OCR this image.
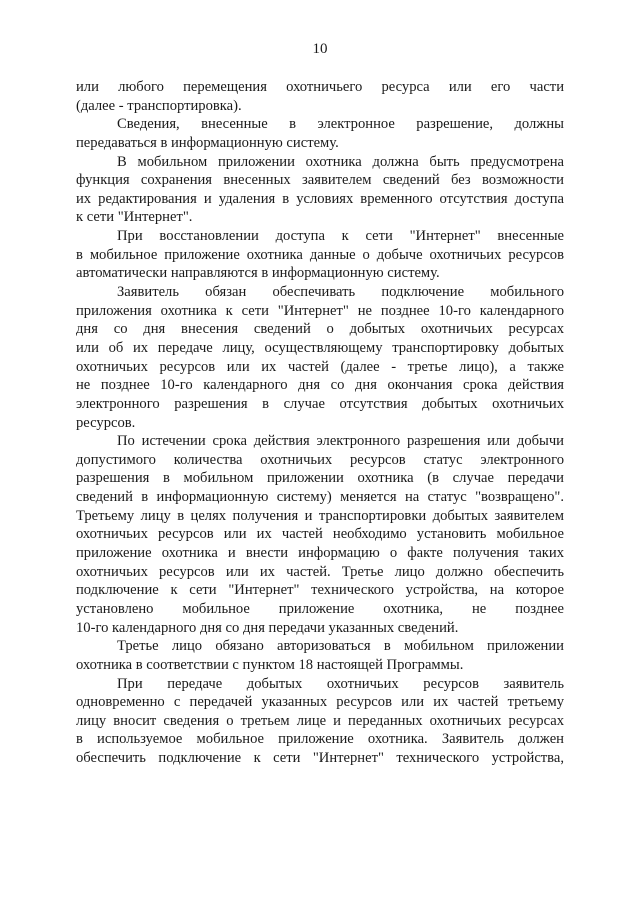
10
или любого перемещения охотничьего ресурса или его части
(далее - транспортировка).
Сведения, внесенные в электронное разрешение, должны
передаваться в информационную систему.
В мобильном приложении охотника должна быть предусмотрена
функция сохранения внесенных заявителем сведений без возможности
их редактирования и удаления в условиях временного отсутствия доступа
к сети "Интернет".
При восстановлении доступа к сети "Интернет" внесенные
в мобильное приложение охотника данные о добыче охотничьих ресурсов
автоматически направляются в информационную систему.
Заявитель обязан обеспечивать подключение мобильного
приложения охотника к сети "Интернет" не позднее 10-го календарного
дня со дня внесения сведений о добытых охотничьих ресурсах
или об их передаче лицу, осуществляющему транспортировку добытых
охотничьих ресурсов или их частей (далее - третье лицо), а также
не позднее 10-го календарного дня со дня окончания срока действия
электронного разрешения в случае отсутствия добытых охотничьих
ресурсов.
По истечении срока действия электронного разрешения или добычи
допустимого количества охотничьих ресурсов статус электронного
разрешения в мобильном приложении охотника (в случае передачи
сведений в информационную систему) меняется на статус "возвращено".
Третьему лицу в целях получения и транспортировки добытых заявителем
охотничьих ресурсов или их частей необходимо установить мобильное
приложение охотника и внести информацию о факте получения таких
охотничьих ресурсов или их частей. Третье лицо должно обеспечить
подключение к сети "Интернет" технического устройства, на которое
установлено мобильное приложение охотника, не позднее
10-го календарного дня со дня передачи указанных сведений.
Третье лицо обязано авторизоваться в мобильном приложении
охотника в соответствии с пунктом 18 настоящей Программы.
При передаче добытых охотничьих ресурсов заявитель
одновременно с передачей указанных ресурсов или их частей третьему
лицу вносит сведения о третьем лице и переданных охотничьих ресурсах
в используемое мобильное приложение охотника. Заявитель должен
обеспечить подключение к сети "Интернет" технического устройства,
